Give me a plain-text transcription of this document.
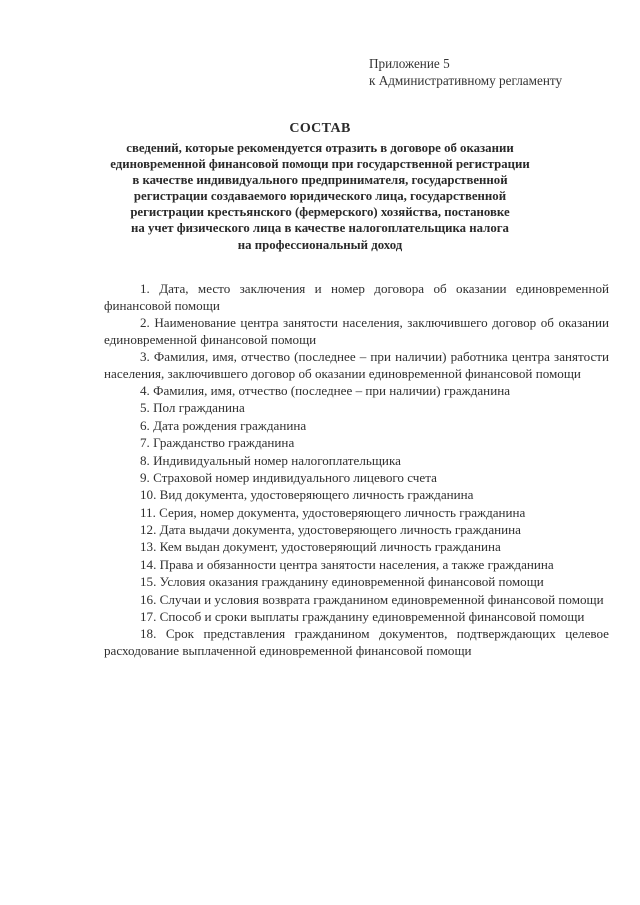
Приложение 5
к Административному регламенту
СОСТАВ
сведений, которые рекомендуется отразить в договоре об оказании
единовременной финансовой помощи при государственной регистрации
в качестве индивидуального предпринимателя, государственной
регистрации создаваемого юридического лица, государственной
регистрации крестьянского (фермерского) хозяйства, постановке
на учет физического лица в качестве налогоплательщика налога
на профессиональный доход

1. Дата, место заключения и номер договора об оказании единовременной финансовой помощи

2. Наименование центра занятости населения, заключившего договор об оказании единовременной финансовой помощи

3. Фамилия, имя, отчество (последнее – при наличии) работника центра занятости населения, заключившего договор об оказании единовременной финансовой помощи

4. Фамилия, имя, отчество (последнее – при наличии) гражданина

5. Пол гражданина

6. Дата рождения гражданина

7. Гражданство гражданина

8. Индивидуальный номер налогоплательщика

9. Страховой номер индивидуального лицевого счета

10. Вид документа, удостоверяющего личность гражданина

11. Серия, номер документа, удостоверяющего личность гражданина

12. Дата выдачи документа, удостоверяющего личность гражданина

13. Кем выдан документ, удостоверяющий личность гражданина

14. Права и обязанности центра занятости населения, а также гражданина

15. Условия оказания гражданину единовременной финансовой помощи

16. Случаи и условия возврата гражданином единовременной финансовой помощи

17. Способ и сроки выплаты гражданину единовременной финансовой помощи

18. Срок представления гражданином документов, подтверждающих целевое расходование выплаченной единовременной финансовой помощи
